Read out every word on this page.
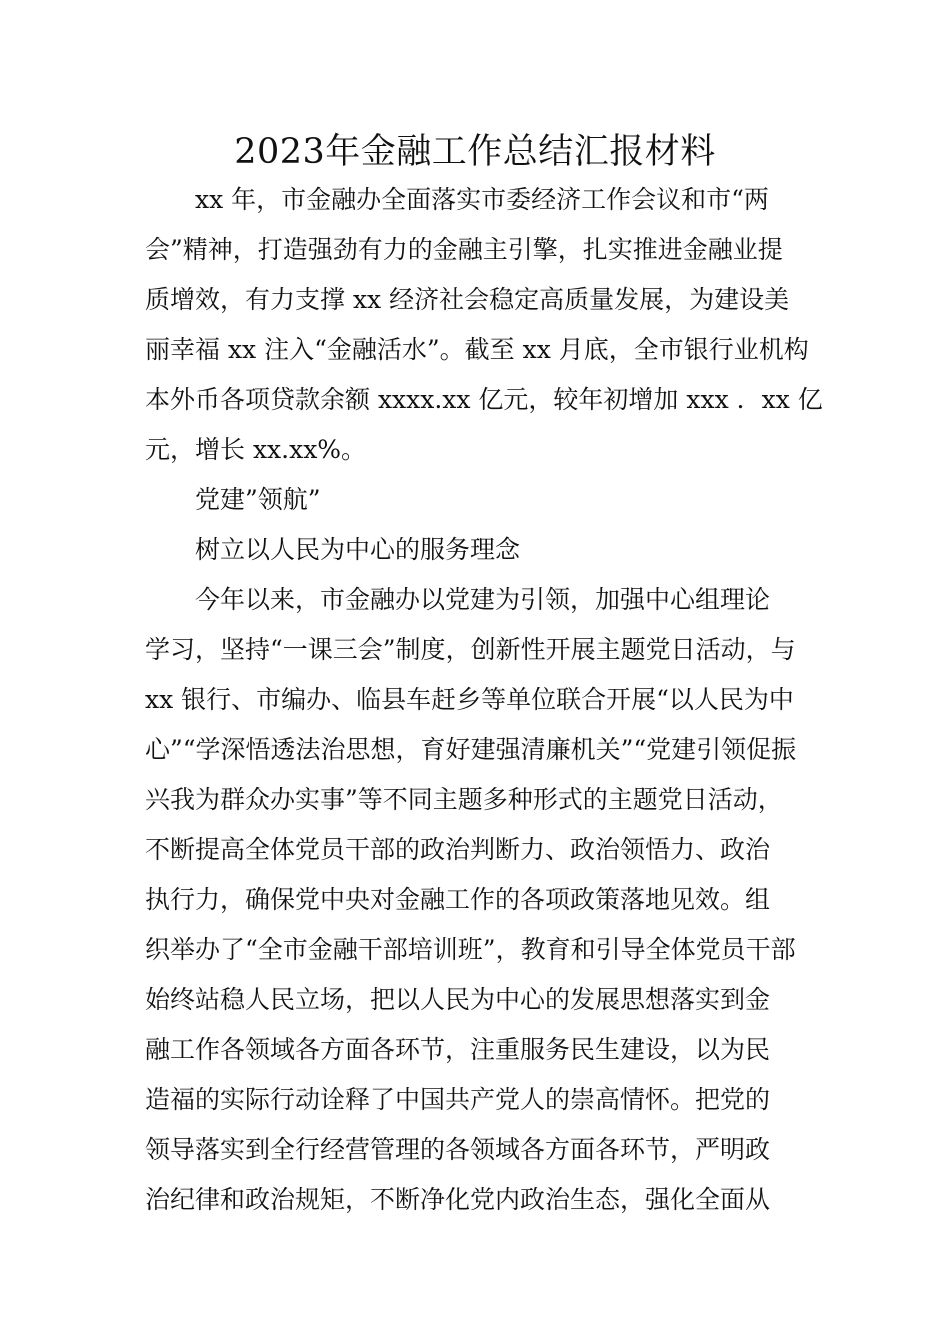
2023年金融工作总结汇报材料

xx 年，市金融办全面落实市委经济工作会议和市“两

会”精神，打造强劲有力的金融主引擎，扎实推进金融业提

质增效，有力支撑 xx 经济社会稳定高质量发展，为建设美

丽幸福 xx 注入“金融活水”。截至 xx 月底，全市银行业机构

本外币各项贷款余额 xxxx.xx 亿元，较年初增加 xxx ．xx 亿

元，增长 xx.xx%。

党建”领航”

树立以人民为中心的服务理念

今年以来，市金融办以党建为引领，加强中心组理论

学习，坚持“一课三会”制度，创新性开展主题党日活动，与

xx 银行、市编办、临县车赶乡等单位联合开展“以人民为中

心”“学深悟透法治思想，育好建强清廉机关”“党建引领促振

兴我为群众办实事”等不同主题多种形式的主题党日活动，

不断提高全体党员干部的政治判断力、政治领悟力、政治

执行力，确保党中央对金融工作的各项政策落地见效。组

织举办了“全市金融干部培训班”，教育和引导全体党员干部

始终站稳人民立场，把以人民为中心的发展思想落实到金

融工作各领域各方面各环节，注重服务民生建设，以为民

造福的实际行动诠释了中国共产党人的崇高情怀。把党的

领导落实到全行经营管理的各领域各方面各环节，严明政

治纪律和政治规矩，不断净化党内政治生态，强化全面从
